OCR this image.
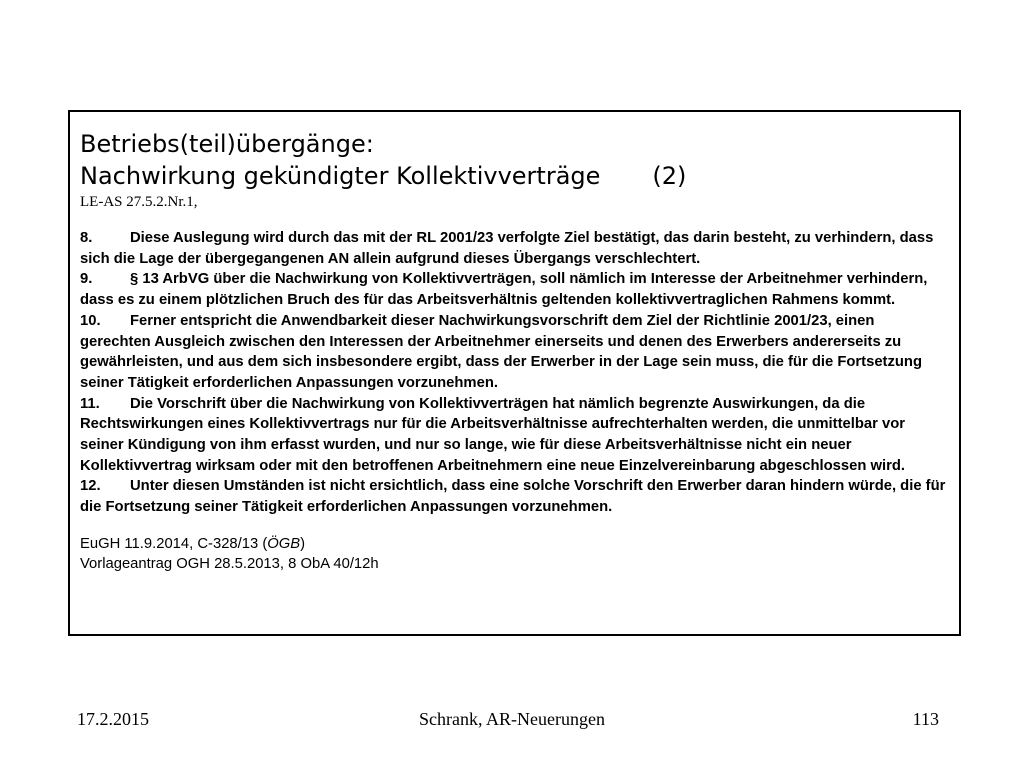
Betriebs(teil)übergänge:
Nachwirkung gekündigter Kollektivverträge (2)
LE-AS 27.5.2.Nr.1,
8.	Diese Auslegung wird durch das mit der RL 2001/23 verfolgte Ziel bestätigt, das darin besteht, zu verhindern, dass sich die Lage der übergegangenen AN allein aufgrund dieses Übergangs verschlechtert.
9.	§ 13 ArbVG über die Nachwirkung von Kollektivverträgen, soll nämlich im Interesse der Arbeitnehmer verhindern, dass es zu einem plötzlichen Bruch des für das Arbeitsverhältnis geltenden kollektivvertraglichen Rahmens kommt.
10. Ferner entspricht die Anwendbarkeit dieser Nachwirkungsvorschrift dem Ziel der Richtlinie 2001/23, einen gerechten Ausgleich zwischen den Interessen der Arbeitnehmer einerseits und denen des Erwerbers andererseits zu gewährleisten, und aus dem sich insbesondere ergibt, dass der Erwerber in der Lage sein muss, die für die Fortsetzung seiner Tätigkeit erforderlichen Anpassungen vorzunehmen.
11. Die Vorschrift über die Nachwirkung von Kollektivverträgen hat nämlich begrenzte Auswirkungen, da die Rechtswirkungen eines Kollektivvertrags nur für die Arbeitsverhältnisse aufrechterhalten werden, die unmittelbar vor seiner Kündigung von ihm erfasst wurden, und nur so lange, wie für diese Arbeitsverhältnisse nicht ein neuer Kollektivvertrag wirksam oder mit den betroffenen Arbeitnehmern eine neue Einzelvereinbarung abgeschlossen wird.
12. Unter diesen Umständen ist nicht ersichtlich, dass eine solche Vorschrift den Erwerber daran hindern würde, die für die Fortsetzung seiner Tätigkeit erforderlichen Anpassungen vorzunehmen.
EuGH 11.9.2014, C-328/13 (ÖGB)
Vorlageantrag OGH 28.5.2013, 8 ObA 40/12h
17.2.2015	Schrank, AR-Neuerungen	113
